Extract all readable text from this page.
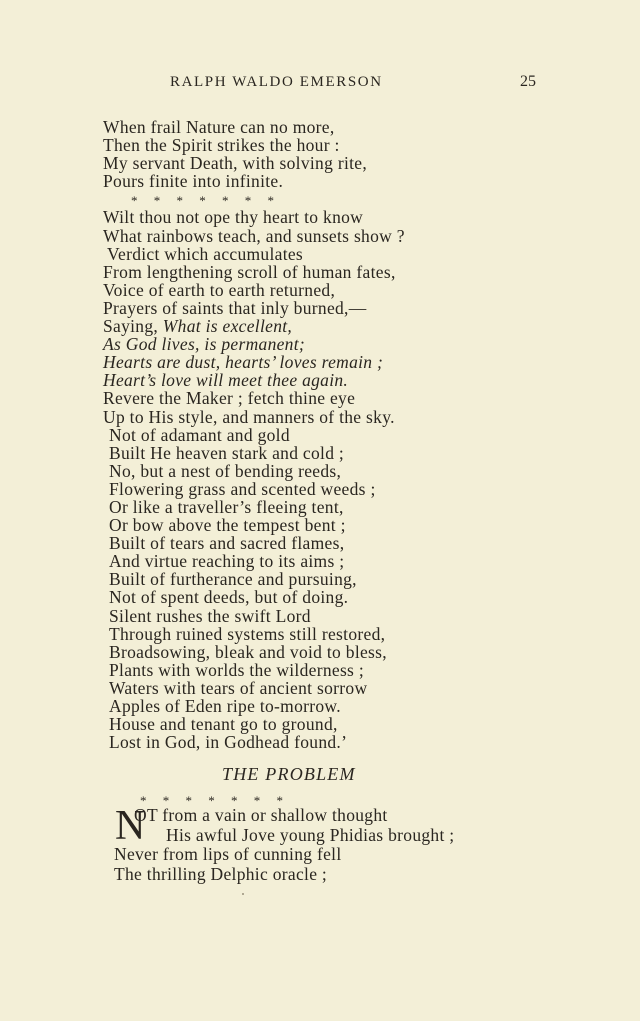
RALPH WALDO EMERSON	25
When frail Nature can no more,
Then the Spirit strikes the hour :
My servant Death, with solving rite,
Pours finite into infinite.
*     *     *     *     *     *     *
Wilt thou not ope thy heart to know
What rainbows teach, and sunsets show ?
Verdict which accumulates
From lengthening scroll of human fates,
Voice of earth to earth returned,
Prayers of saints that inly burned,—
Saying, What is excellent,
As God lives, is permanent;
Hearts are dust, hearts’ loves remain ;
Heart’s love will meet thee again.
Revere the Maker ; fetch thine eye
Up to His style, and manners of the sky.
Not of adamant and gold
Built He heaven stark and cold ;
No, but a nest of bending reeds,
Flowering grass and scented weeds ;
Or like a traveller’s fleeing tent,
Or bow above the tempest bent ;
Built of tears and sacred flames,
And virtue reaching to its aims ;
Built of furtherance and pursuing,
Not of spent deeds, but of doing.
Silent rushes the swift Lord
Through ruined systems still restored,
Broadsowing, bleak and void to bless,
Plants with worlds the wilderness ;
Waters with tears of ancient sorrow
Apples of Eden ripe to-morrow.
House and tenant go to ground,
Lost in God, in Godhead found.’
THE PROBLEM
*     *     *     *     *     *     *
N
OT from a vain or shallow thought
His awful Jove young Phidias brought ;
Never from lips of cunning fell
The thrilling Delphic oracle ;
